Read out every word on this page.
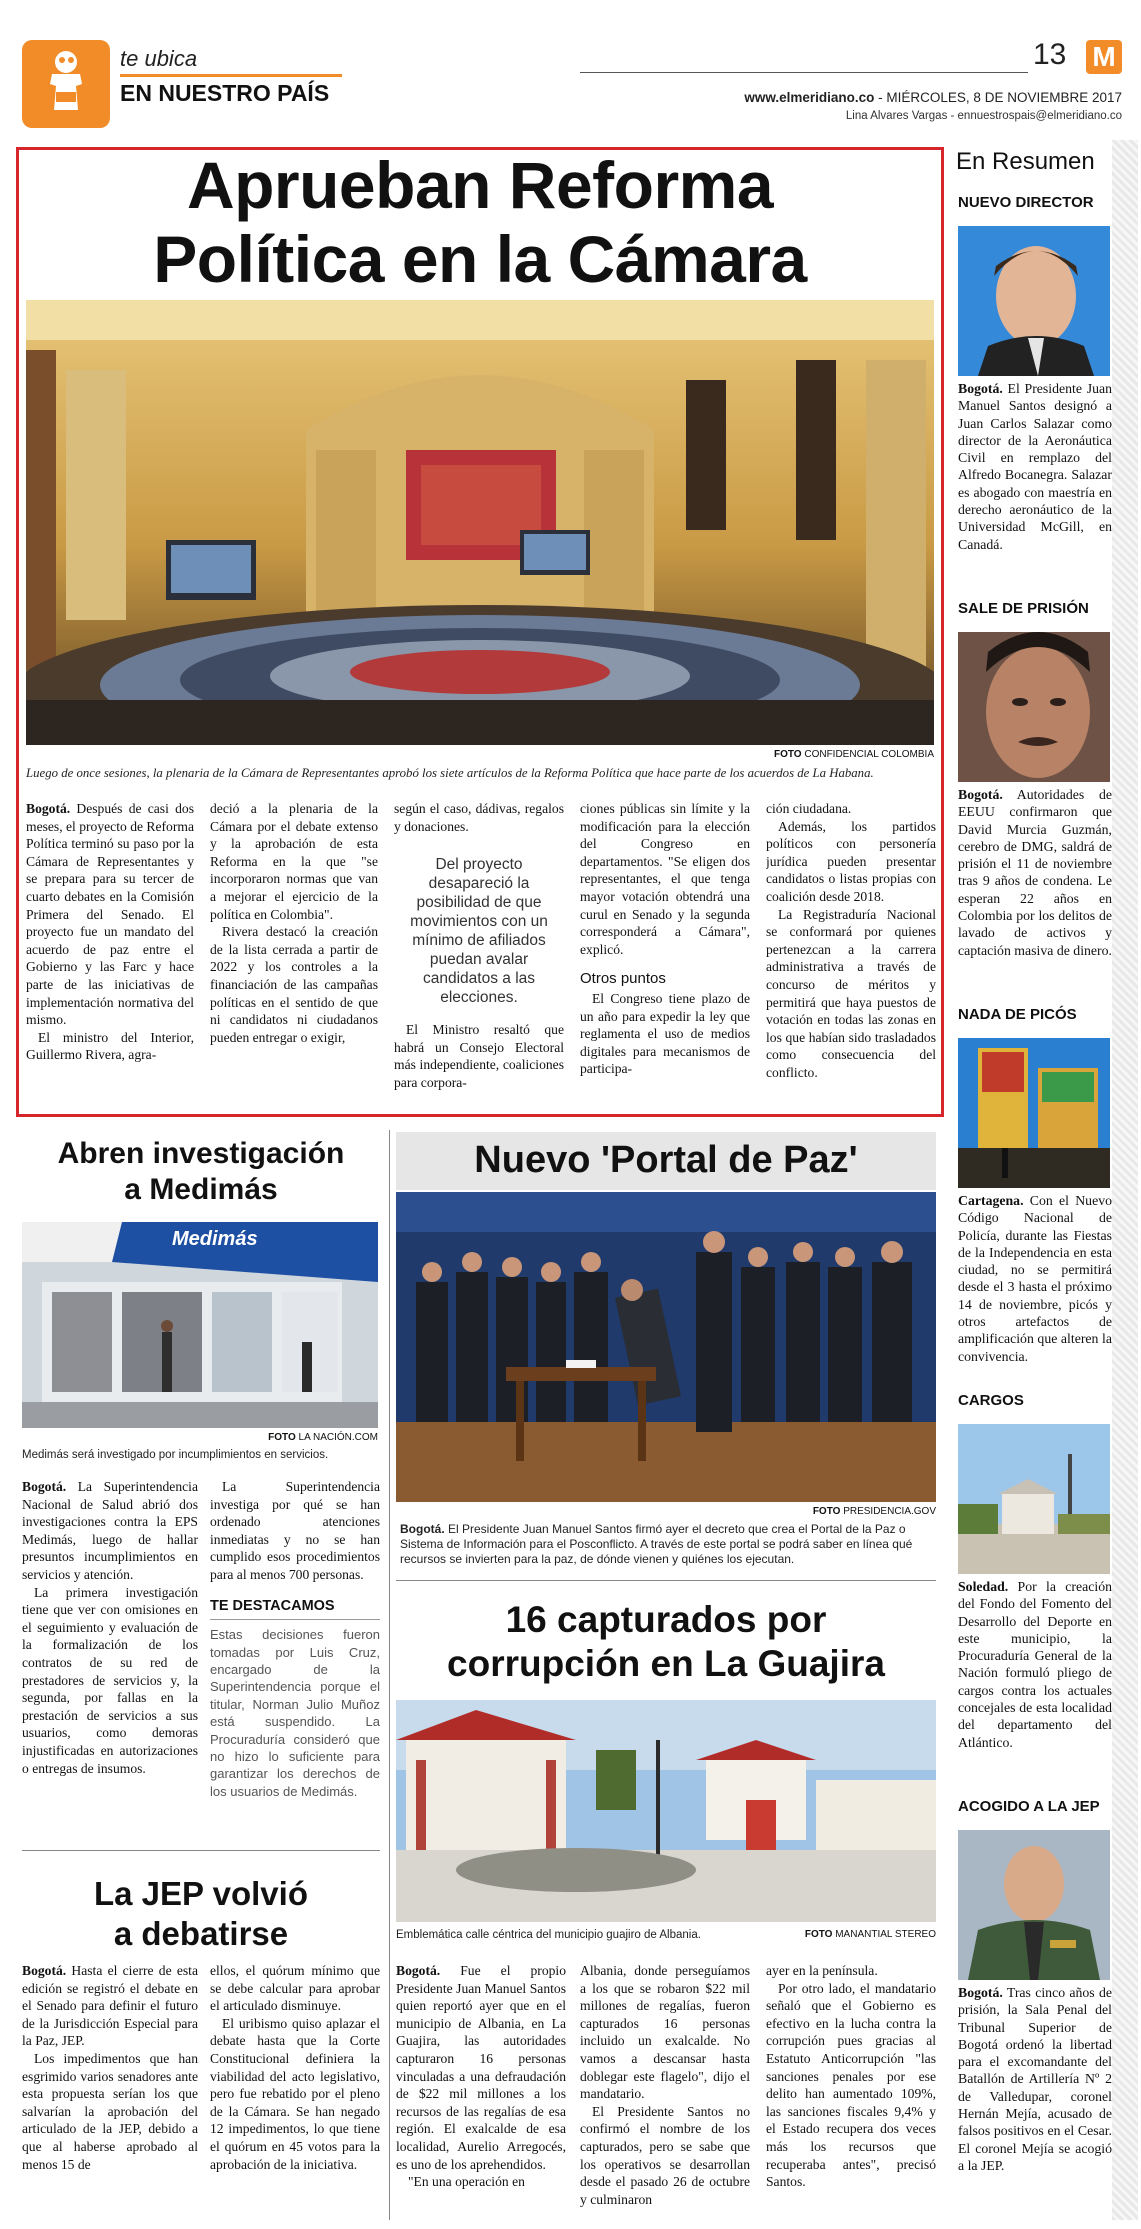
te ubica
EN NUESTRO PAÍS
13 M
www.elmeridiano.co - MIÉRCOLES, 8 DE NOVIEMBRE 2017
Lina Alvares Vargas - ennuestrospais@elmeridiano.co
Aprueban Reforma
Política en la Cámara
FOTO CONFIDENCIAL COLOMBIA
Luego de once sesiones, la plenaria de la Cámara de Representantes aprobó los siete artículos de la Reforma Política que hace parte de los acuerdos de La Habana.
Bogotá. Después de casi dos meses, el proyecto de Reforma Política terminó su paso por la Cámara de Representantes y se prepara para su tercer de cuarto debates en la Comisión Primera del Senado. El proyecto fue un mandato del acuerdo de paz entre el Gobierno y las Farc y hace parte de las iniciativas de implementación normativa del mismo.
El ministro del Interior, Guillermo Rivera, agra-
deció a la plenaria de la Cámara por el debate extenso y la aprobación de esta Reforma en la que "se incorporaron normas que van a mejorar el ejercicio de la política en Colombia".
Rivera destacó la creación de la lista cerrada a partir de 2022 y los controles a la financiación de las campañas políticas en el sentido de que ni candidatos ni ciudadanos pueden entregar o exigir,
según el caso, dádivas, regalos y donaciones.
Del proyecto desapareció la posibilidad de que movimientos con un mínimo de afiliados puedan avalar candidatos a las elecciones.
El Ministro resaltó que habrá un Consejo Electoral más independiente, coaliciones para corpora-
ciones públicas sin límite y la modificación para la elección del Congreso en departamentos. "Se eligen dos representantes, el que tenga mayor votación obtendrá una curul en Senado y la segunda corresponderá a Cámara", explicó.
Otros puntos
El Congreso tiene plazo de un año para expedir la ley que reglamenta el uso de medios digitales para mecanismos de participa-
ción ciudadana.
Además, los partidos políticos con personería jurídica pueden presentar candidatos o listas propias con coalición desde 2018.
La Registraduría Nacional se conformará por quienes pertenezcan a la carrera administrativa a través de concurso de méritos y permitirá que haya puestos de votación en todas las zonas en los que habían sido trasladados como consecuencia del conflicto.
Abren investigación
a Medimás
Medimás
FOTO LA NACIÓN.COM
Medimás será investigado por incumplimientos en servicios.
Bogotá. La Superintendencia Nacional de Salud abrió dos investigaciones contra la EPS Medimás, luego de hallar presuntos incumplimientos en servicios y atención.
La primera investigación tiene que ver con omisiones en el seguimiento y evaluación de la formalización de los contratos de su red de prestadores de servicios y, la segunda, por fallas en la prestación de servicios a sus usuarios, como demoras injustificadas en autorizaciones o entregas de insumos.
La Superintendencia investiga por qué se han ordenado atenciones inmediatas y no se han cumplido esos procedimientos para al menos 700 personas.
TE DESTACAMOS
Estas decisiones fueron tomadas por Luis Cruz, encargado de la Superintendencia porque el titular, Norman Julio Muñoz está suspendido. La Procuraduría consideró que no hizo lo suficiente para garantizar los derechos de los usuarios de Medimás.
Nuevo 'Portal de Paz'
FOTO PRESIDENCIA.GOV
Bogotá. El Presidente Juan Manuel Santos firmó ayer el decreto que crea el Portal de la Paz o Sistema de Información para el Posconflicto. A través de este portal se podrá saber en línea qué recursos se invierten para la paz, de dónde vienen y quiénes los ejecutan.
16 capturados por
corrupción en La Guajira
Emblemática calle céntrica del municipio guajiro de Albania.	FOTO MANANTIAL STEREO
Bogotá. Fue el propio Presidente Juan Manuel Santos quien reportó ayer que en el municipio de Albania, en La Guajira, las autoridades capturaron 16 personas vinculadas a una defraudación de $22 mil millones a los recursos de las regalías de esa región. El exalcalde de esa localidad, Aurelio Arregocés, es uno de los aprehendidos.
"En una operación en
Albania, donde perseguíamos a los que se robaron $22 mil millones de regalías, fueron capturados 16 personas incluido un exalcalde. No vamos a descansar hasta doblegar este flagelo", dijo el mandatario.
El Presidente Santos no confirmó el nombre de los capturados, pero se sabe que los operativos se desarrollan desde el pasado 26 de octubre y culminaron
ayer en la península.
Por otro lado, el mandatario señaló que el Gobierno es efectivo en la lucha contra la corrupción pues gracias al Estatuto Anticorrupción "las sanciones penales por ese delito han aumentado 109%, las sanciones fiscales 9,4% y el Estado recupera dos veces más los recursos que recuperaba antes", precisó Santos.
La JEP volvió
a debatirse
Bogotá. Hasta el cierre de esta edición se registró el debate en el Senado para definir el futuro de la Jurisdicción Especial para la Paz, JEP.
Los impedimentos que han esgrimido varios senadores ante esta propuesta serían los que salvarían la aprobación del articulado de la JEP, debido a que al haberse aprobado al menos 15 de
ellos, el quórum mínimo que se debe calcular para aprobar el articulado disminuye.
El uribismo quiso aplazar el debate hasta que la Corte Constitucional definiera la viabilidad del acto legislativo, pero fue rebatido por el pleno de la Cámara. Se han negado 12 impedimentos, lo que tiene el quórum en 45 votos para la aprobación de la iniciativa.
En Resumen
NUEVO DIRECTOR
Bogotá. El Presidente Juan Manuel Santos designó a Juan Carlos Salazar como director de la Aeronáutica Civil en remplazo del Alfredo Bocanegra. Salazar es abogado con maestría en derecho aeronáutico de la Universidad McGill, en Canadá.
SALE DE PRISIÓN
Bogotá. Autoridades de EEUU confirmaron que David Murcia Guzmán, cerebro de DMG, saldrá de prisión el 11 de noviembre tras 9 años de condena. Le esperan 22 años en Colombia por los delitos de lavado de activos y captación masiva de dinero.
NADA DE PICÓS
Cartagena. Con el Nuevo Código Nacional de Policía, durante las Fiestas de la Independencia en esta ciudad, no se permitirá desde el 3 hasta el próximo 14 de noviembre, picós y otros artefactos de amplificación que alteren la convivencia.
CARGOS
Soledad. Por la creación del Fondo del Fomento del Desarrollo del Deporte en este municipio, la Procuraduría General de la Nación formuló pliego de cargos contra los actuales concejales de esta localidad del departamento del Atlántico.
ACOGIDO A LA JEP
Bogotá. Tras cinco años de prisión, la Sala Penal del Tribunal Superior de Bogotá ordenó la libertad para el excomandante del Batallón de Artillería Nº 2 de Valledupar, coronel Hernán Mejía, acusado de falsos positivos en el Cesar. El coronel Mejía se acogió a la JEP.
